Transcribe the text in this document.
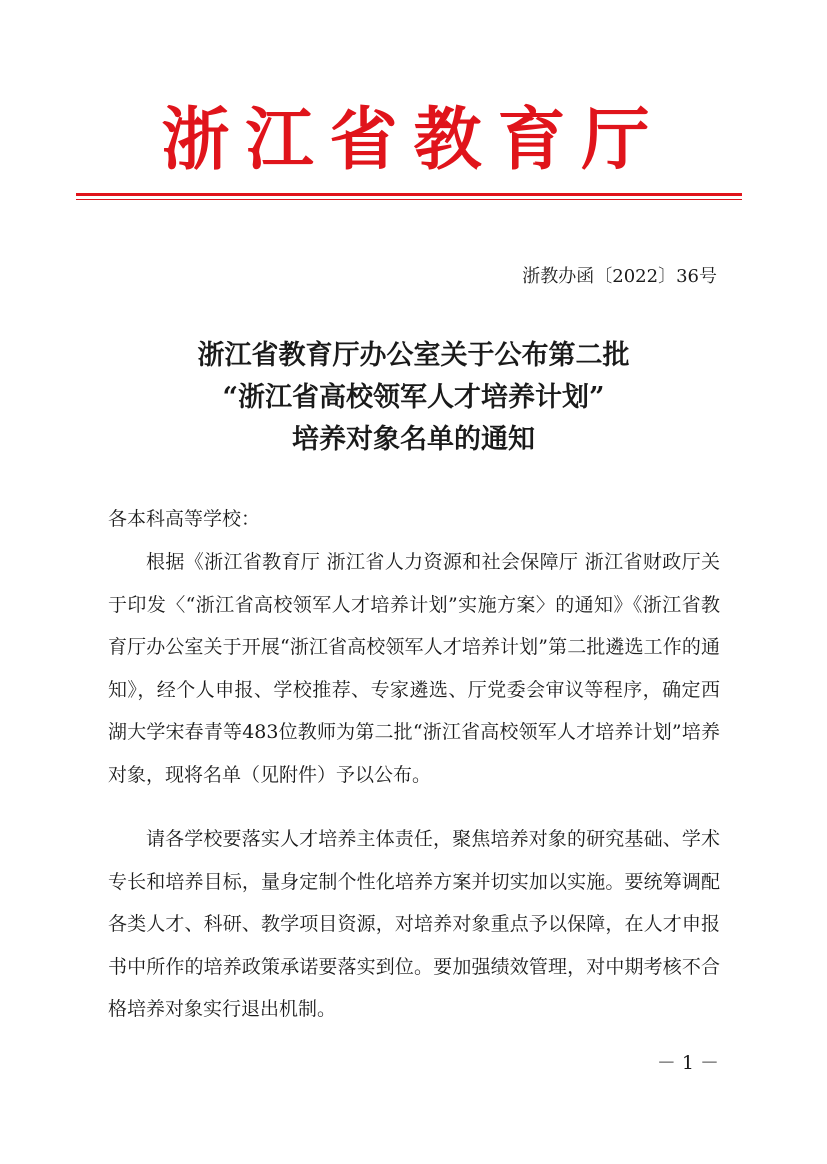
浙江省教育厅
浙教办函〔2022〕36号
浙江省教育厅办公室关于公布第二批
“浙江省高校领军人才培养计划”
培养对象名单的通知
各本科高等学校：

根据《浙江省教育厅 浙江省人力资源和社会保障厅 浙江省财政厅关于印发〈“浙江省高校领军人才培养计划”实施方案〉的通知》《浙江省教育厅办公室关于开展“浙江省高校领军人才培养计划”第二批遴选工作的通知》，经个人申报、学校推荐、专家遴选、厅党委会审议等程序，确定西湖大学宋春青等483位教师为第二批“浙江省高校领军人才培养计划”培养对象，现将名单（见附件）予以公布。

请各学校要落实人才培养主体责任，聚焦培养对象的研究基础、学术专长和培养目标，量身定制个性化培养方案并切实加以实施。要统筹调配各类人才、科研、教学项目资源，对培养对象重点予以保障，在人才申报书中所作的培养政策承诺要落实到位。要加强绩效管理，对中期考核不合格培养对象实行退出机制。

－ 1 －
